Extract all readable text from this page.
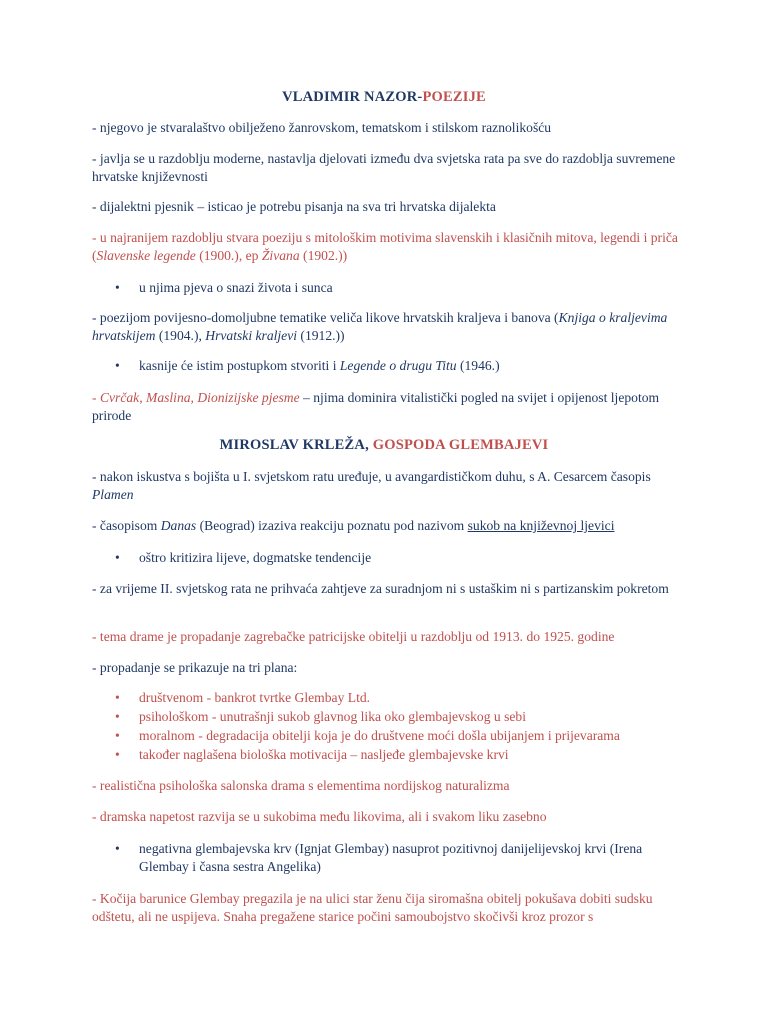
VLADIMIR NAZOR-POEZIJE
- njegovo je stvaralaštvo obilježeno žanrovskom, tematskom i stilskom raznolikošću
- javlja se u razdoblju moderne, nastavlja djelovati između dva svjetska rata pa sve do razdoblja suvremene hrvatske književnosti
- dijalektni pjesnik – isticao je potrebu pisanja na sva tri hrvatska dijalekta
- u najranijem razdoblju stvara poeziju s mitološkim motivima slavenskih i klasičnih mitova, legendi i priča (Slavenske legende (1900.), ep Živana (1902.))
• u njima pjeva o snazi života i sunca
- poezijom povijesno-domoljubne tematike veliča likove hrvatskih kraljeva i banova (Knjiga o kraljevima hrvatskijem (1904.), Hrvatski kraljevi (1912.))
• kasnije će istim postupkom stvoriti i Legende o drugu Titu (1946.)
- Cvrčak, Maslina, Dionizijske pjesme – njima dominira vitalistički pogled na svijet i opijenost ljepotom prirode
MIROSLAV KRLEŽA, GOSPODA GLEMBAJEVI
- nakon iskustva s bojišta u I. svjetskom ratu uređuje, u avangardističkom duhu, s A. Cesarcem časopis Plamen
- časopisom Danas (Beograd) izaziva reakciju poznatu pod nazivom sukob na književnoj ljevici
• oštro kritizira lijeve, dogmatske tendencije
- za vrijeme II. svjetskog rata ne prihvaća zahtjeve za suradnjom ni s ustaškim ni s partizanskim pokretom
- tema drame je propadanje zagrebačke patricijske obitelji u razdoblju od 1913. do 1925. godine
- propadanje se prikazuje na tri plana:
• društvenom - bankrot tvrtke Glembay Ltd.
• psihološkom - unutrašnji sukob glavnog lika oko glembajevskog u sebi
• moralnom - degradacija obitelji koja je do društvene moći došla ubijanjem i prijevarama
• također naglašena biološka motivacija – nasljeđe glembajevske krvi
- realistična psihološka salonska drama s elementima nordijskog naturalizma
- dramska napetost razvija se u sukobima među likovima, ali i svakom liku zasebno
• negativna glembajevska krv (Ignjat Glembay) nasuprot pozitivnoj danijelijevskoj krvi (Irena Glembay i časna sestra Angelika)
- Kočija barunice Glembay pregazila je na ulici star ženu čija siromašna obitelj pokušava dobiti sudsku odštetu, ali ne uspijeva. Snaha pregažene starice počini samoubojstvo skočivši kroz prozor s
